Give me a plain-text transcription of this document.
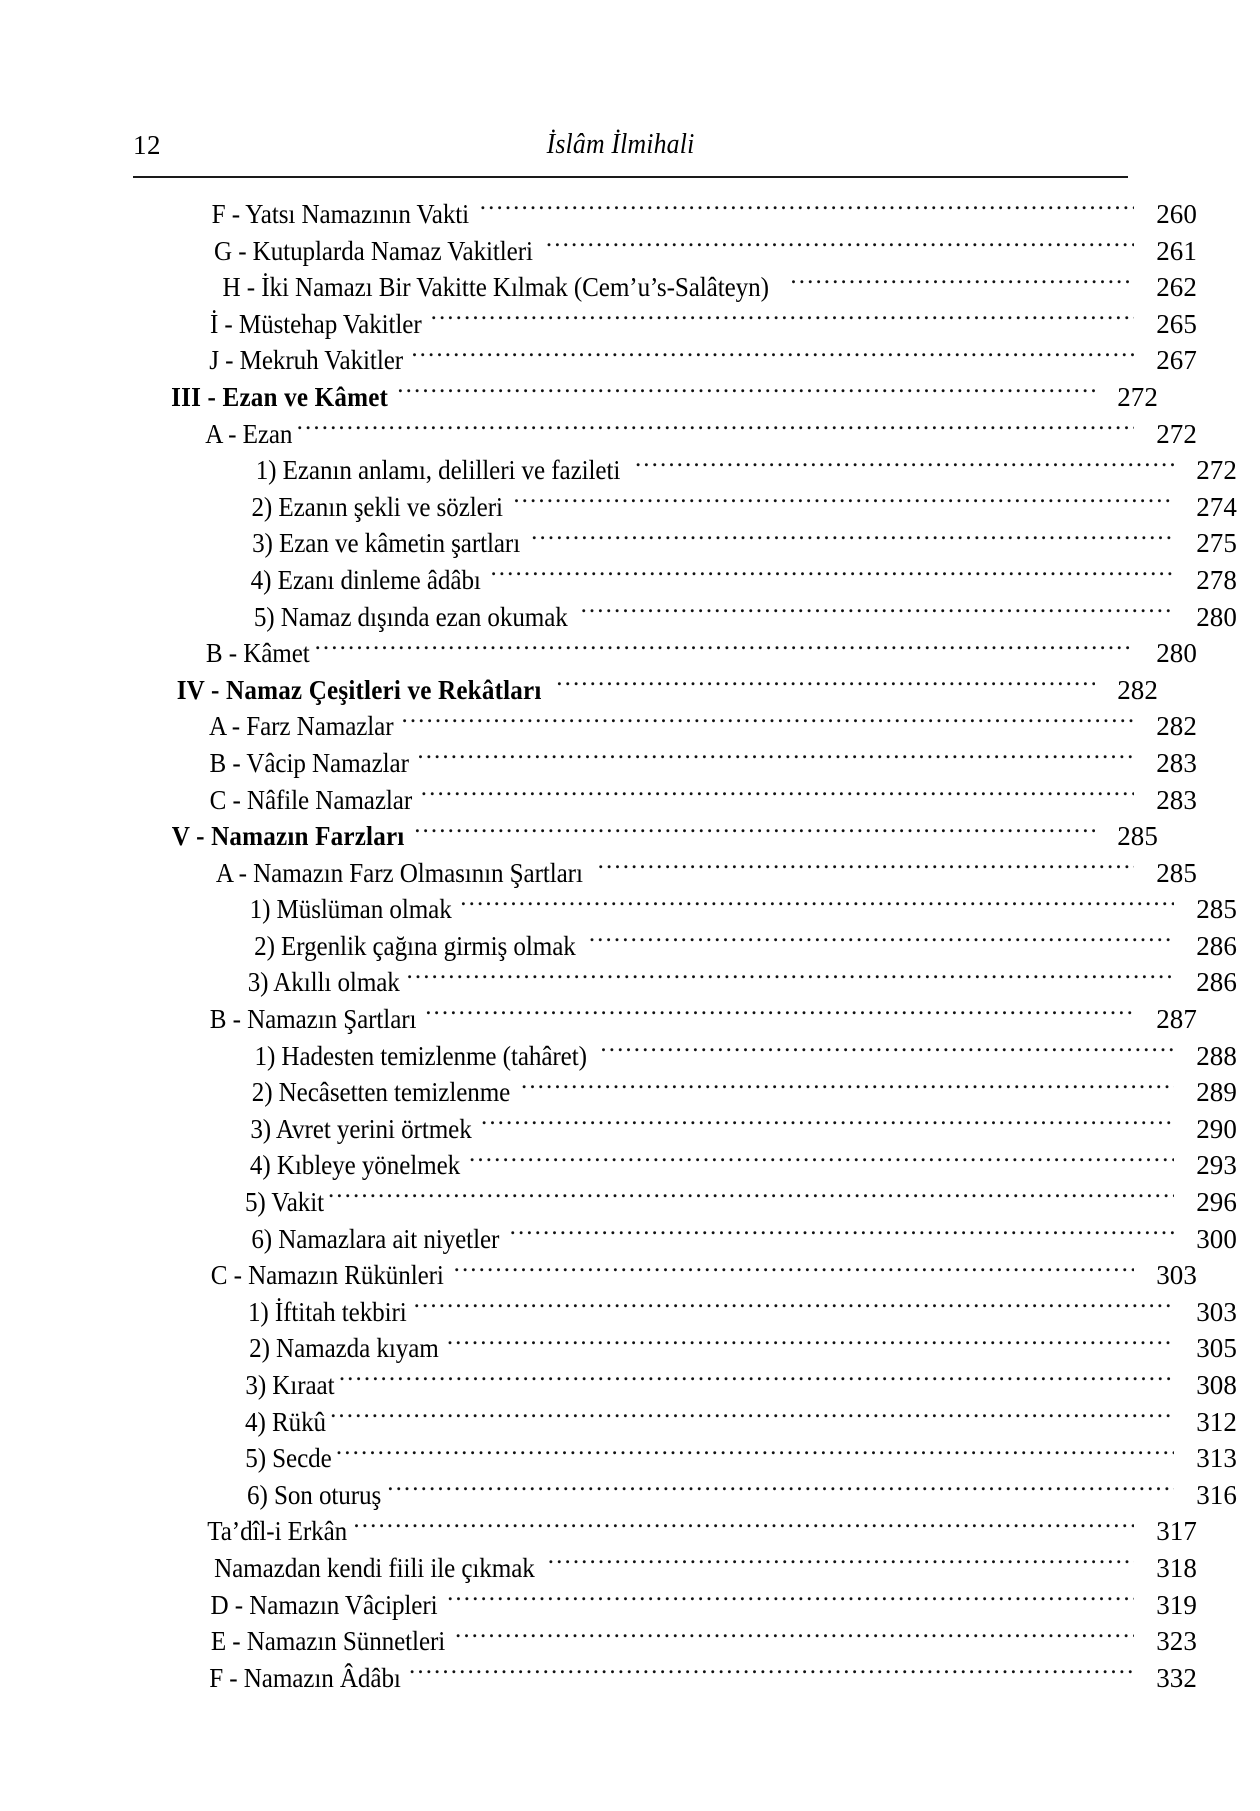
12	İslâm İlmihali
F - Yatsı Namazının Vakti .....	260
G - Kutuplarda Namaz Vakitleri .....	261
H - İki Namazı Bir Vakitte Kılmak (Cem’u’s-Salâteyn) .....	262
İ - Müstehap Vakitler .....	265
J - Mekruh Vakitler .....	267
III - Ezan ve Kâmet .....	272
A - Ezan .....	272
1) Ezanın anlamı, delilleri ve fazileti .....	272
2) Ezanın şekli ve sözleri .....	274
3) Ezan ve kâmetin şartları .....	275
4) Ezanı dinleme âdâbı .....	278
5) Namaz dışında ezan okumak .....	280
B - Kâmet .....	280
IV - Namaz Çeşitleri ve Rekâtları .....	282
A - Farz Namazlar .....	282
B - Vâcip Namazlar .....	283
C - Nâfile Namazlar .....	283
V - Namazın Farzları .....	285
A - Namazın Farz Olmasının Şartları .....	285
1) Müslüman olmak .....	285
2) Ergenlik çağına girmiş olmak .....	286
3) Akıllı olmak .....	286
B - Namazın Şartları .....	287
1) Hadesten temizlenme (tahâret) .....	288
2) Necâsetten temizlenme .....	289
3) Avret yerini örtmek .....	290
4) Kıbleye yönelmek .....	293
5) Vakit .....	296
6) Namazlara ait niyetler .....	300
C - Namazın Rükünleri .....	303
1) İftitah tekbiri .....	303
2) Namazda kıyam .....	305
3) Kıraat .....	308
4) Rükû .....	312
5) Secde .....	313
6) Son oturuş .....	316
Ta’dîl-i Erkân .....	317
Namazdan kendi fiili ile çıkmak .....	318
D - Namazın Vâcipleri .....	319
E - Namazın Sünnetleri .....	323
F - Namazın Âdâbı .....	332
